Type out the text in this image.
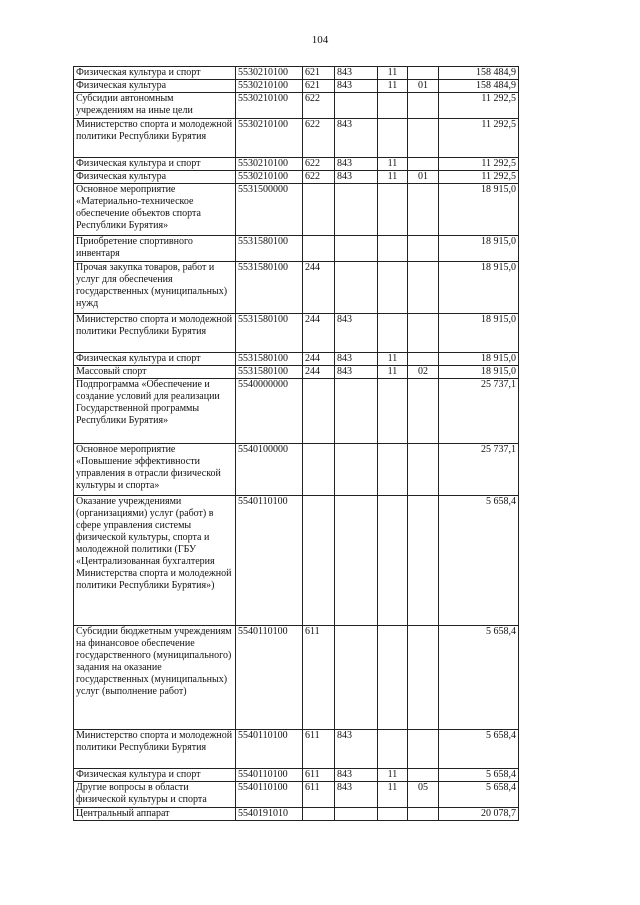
104
Физическая культура и спорт	5530210100	621	843	11		158 484,9
Физическая культура	5530210100	621	843	11	01	158 484,9
Субсидии автономным учреждениям на иные цели	5530210100	622				11 292,5
Министерство спорта и молодежной политики Республики Бурятия	5530210100	622	843			11 292,5
Физическая культура и спорт	5530210100	622	843	11		11 292,5
Физическая культура	5530210100	622	843	11	01	11 292,5
Основное мероприятие «Материально-техническое обеспечение объектов спорта Республики Бурятия»	5531500000					18 915,0
Приобретение спортивного инвентаря	5531580100					18 915,0
Прочая закупка товаров, работ и услуг для обеспечения государственных (муниципальных) нужд	5531580100	244				18 915,0
Министерство спорта и молодежной политики Республики Бурятия	5531580100	244	843			18 915,0
Физическая культура и спорт	5531580100	244	843	11		18 915,0
Массовый спорт	5531580100	244	843	11	02	18 915,0
Подпрограмма «Обеспечение и создание условий для реализации Государственной программы Республики Бурятия»	5540000000					25 737,1
Основное мероприятие «Повышение эффективности управления в отрасли физической культуры и спорта»	5540100000					25 737,1
Оказание учреждениями (организациями) услуг (работ) в сфере управления системы физической культуры, спорта и молодежной политики (ГБУ «Централизованная бухгалтерия Министерства спорта и молодежной политики Республики Бурятия»)	5540110100					5 658,4
Субсидии бюджетным учреждениям на финансовое обеспечение государственного (муниципального) задания на оказание государственных (муниципальных) услуг (выполнение работ)	5540110100	611				5 658,4
Министерство спорта и молодежной политики Республики Бурятия	5540110100	611	843			5 658,4
Физическая культура и спорт	5540110100	611	843	11		5 658,4
Другие вопросы в области физической культуры и спорта	5540110100	611	843	11	05	5 658,4
Центральный аппарат	5540191010					20 078,7
